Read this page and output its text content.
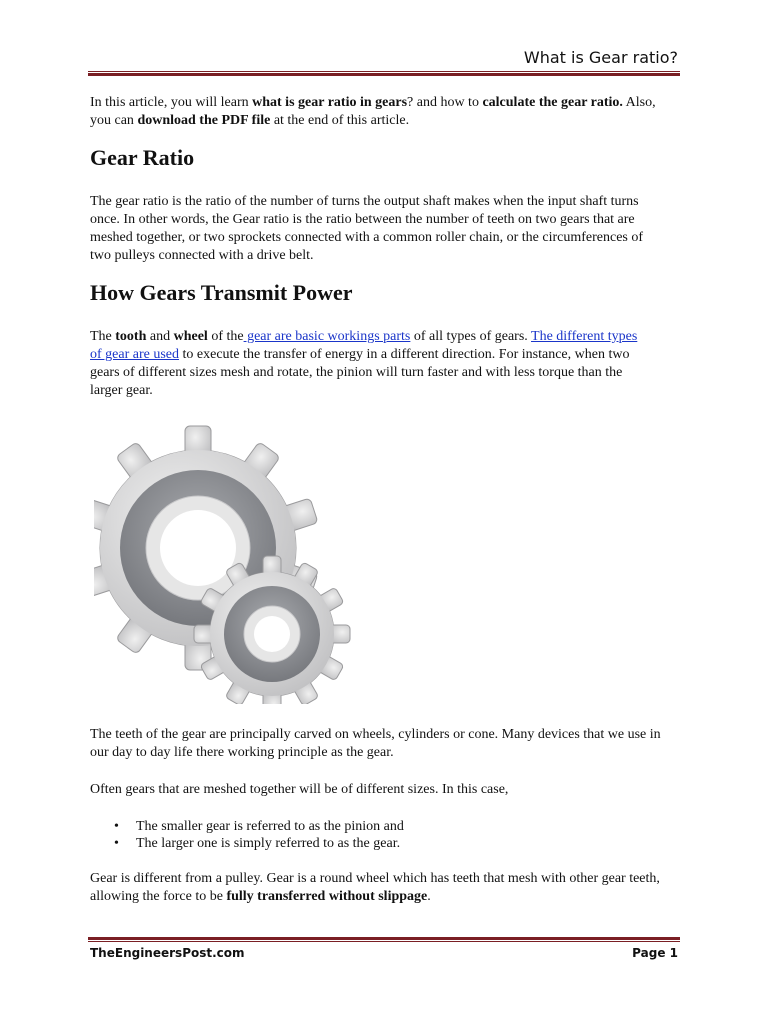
What is Gear ratio?

In this article, you will learn what is gear ratio in gears? and how to calculate the gear ratio. Also, you can download the PDF file at the end of this article.

Gear Ratio

The gear ratio is the ratio of the number of turns the output shaft makes when the input shaft turns once. In other words, the Gear ratio is the ratio between the number of teeth on two gears that are meshed together, or two sprockets connected with a common roller chain, or the circumferences of two pulleys connected with a drive belt.

How Gears Transmit Power

The tooth and wheel of the gear are basic workings parts of all types of gears. The different types of gear are used to execute the transfer of energy in a different direction. For instance, when two gears of different sizes mesh and rotate, the pinion will turn faster and with less torque than the larger gear.

The teeth of the gear are principally carved on wheels, cylinders or cone. Many devices that we use in our day to day life there working principle as the gear.

Often gears that are meshed together will be of different sizes. In this case,

• The smaller gear is referred to as the pinion and
• The larger one is simply referred to as the gear.

Gear is different from a pulley. Gear is a round wheel which has teeth that mesh with other gear teeth, allowing the force to be fully transferred without slippage.

TheEngineersPost.com	Page 1
